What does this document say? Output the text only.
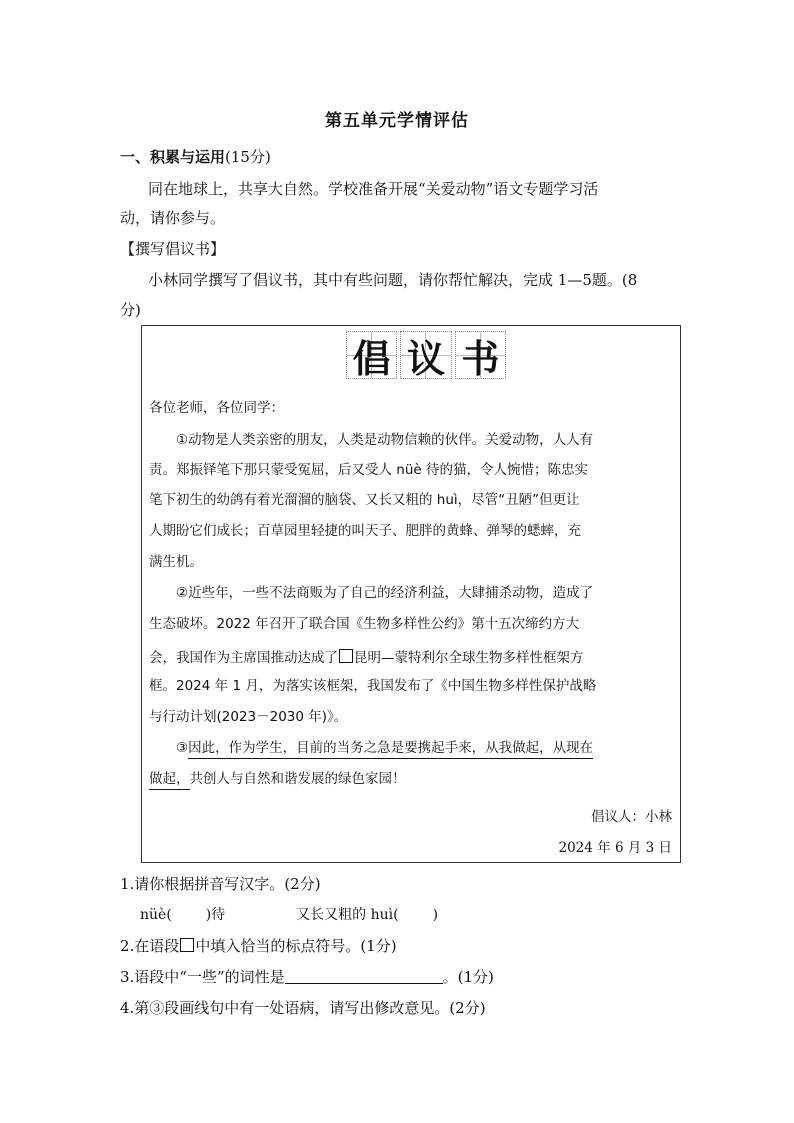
第五单元学情评估
一、积累与运用(15分)
同在地球上，共享大自然。学校准备开展“关爱动物”语文专题学习活
动，请你参与。
【撰写倡议书】
小林同学撰写了倡议书，其中有些问题，请你帮忙解决，完成 1—5题。(8
分)
倡 议 书
各位老师，各位同学：
①动物是人类亲密的朋友，人类是动物信赖的伙伴。关爱动物，人人有
责。郑振铎笔下那只蒙受冤屈，后又受人 nüè 待的猫，令人惋惜；陈忠实
笔下初生的幼鸽有着光溜溜的脑袋、又长又粗的 huì，尽管“丑陋”但更让
人期盼它们成长；百草园里轻捷的叫天子、肥胖的黄蜂、弹琴的蟋蟀，充
满生机。
②近些年，一些不法商贩为了自己的经济利益，大肆捕杀动物，造成了
生态破坏。2022 年召开了联合国《生物多样性公约》第十五次缔约方大
会，我国作为主席国推动达成了 昆明—蒙特利尔全球生物多样性框架方
框。2024 年 1 月，为落实该框架，我国发布了《中国生物多样性保护战略
与行动计划(2023－2030 年)》。
③因此，作为学生，目前的当务之急是要携起手来，从我做起，从现在
做起，共创人与自然和谐发展的绿色家园！
倡议人：小林
2024 年 6 月 3 日
1.请你根据拼音写汉字。(2分)
nüè( )待	又长又粗的 huì( )
2.在语段 中填入恰当的标点符号。(1分)
3.语段中“一些”的词性是	。(1分)
4.第③段画线句中有一处语病，请写出修改意见。(2分)
